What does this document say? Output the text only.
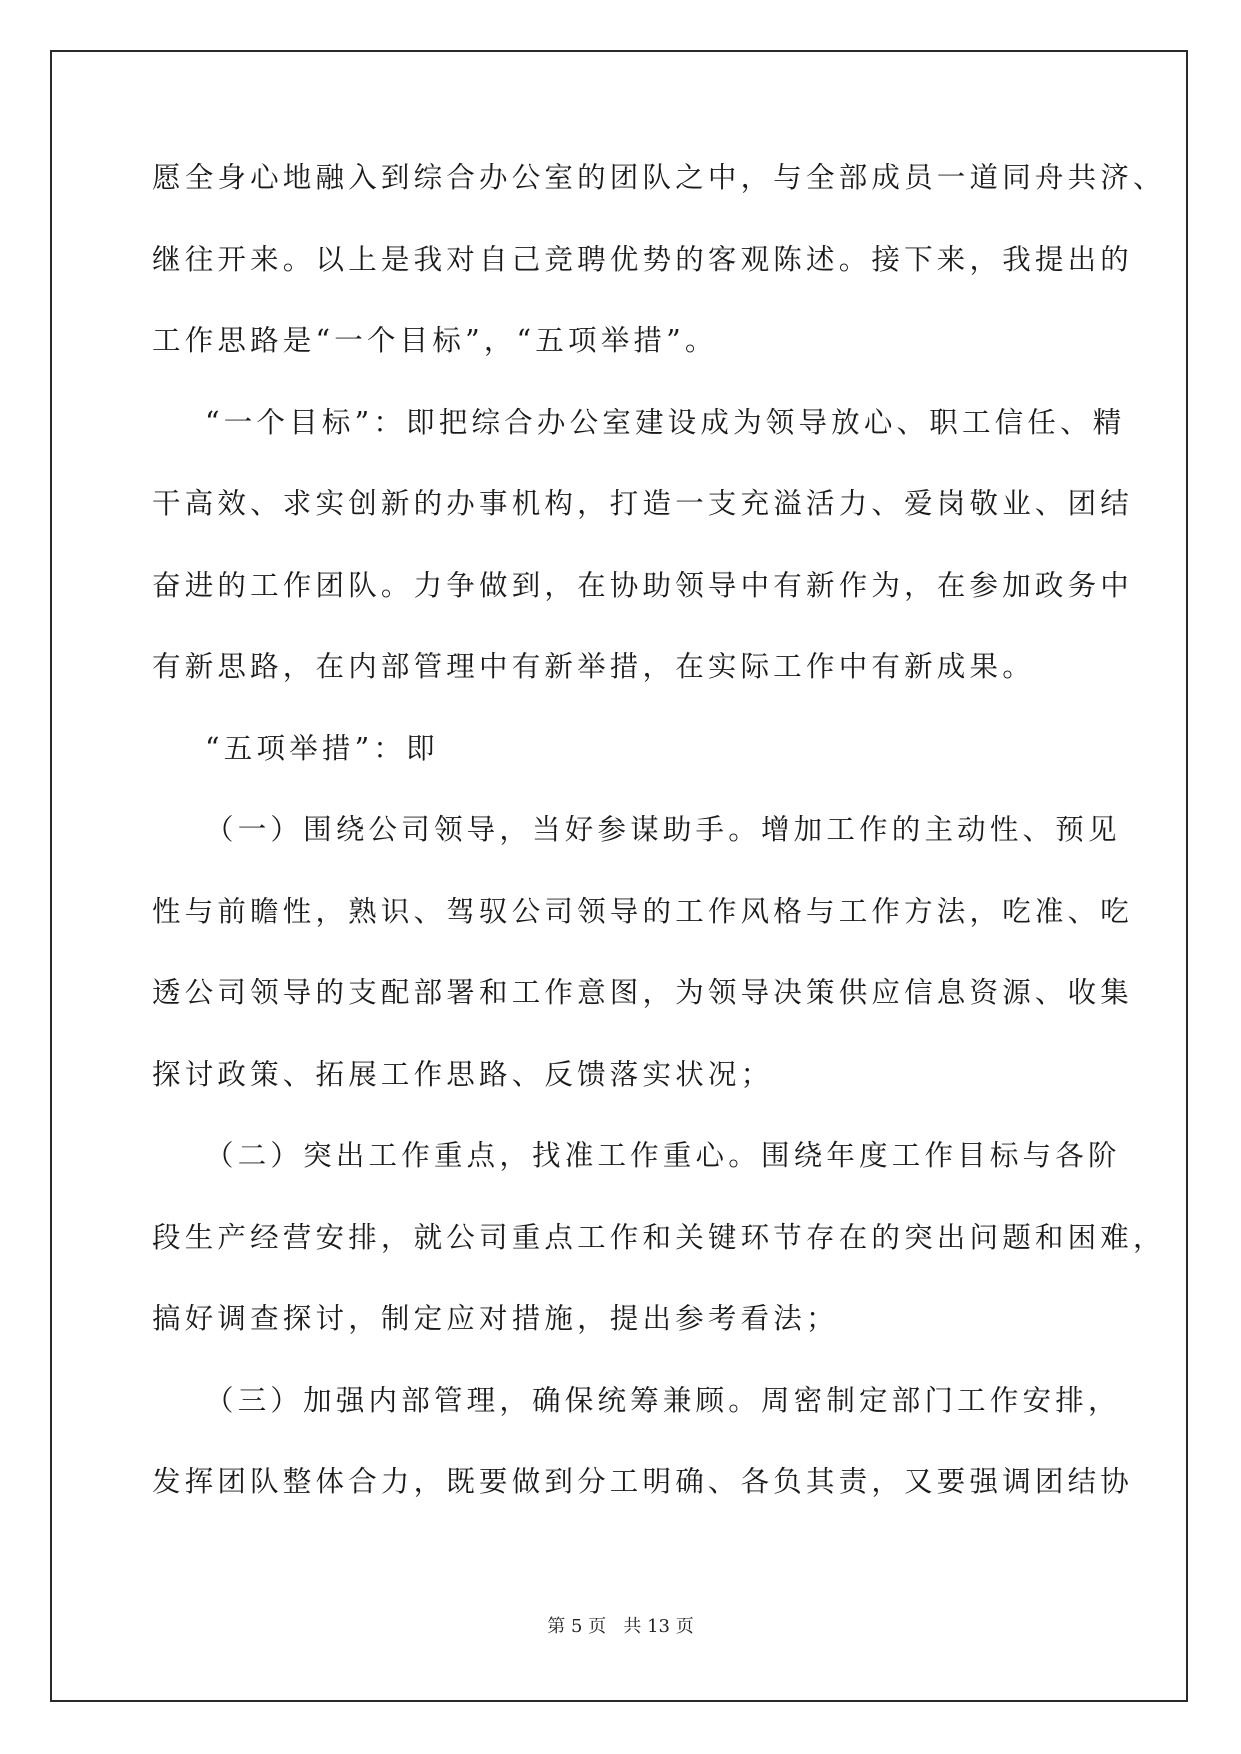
愿全身心地融入到综合办公室的团队之中，与全部成员一道同舟共济、
继往开来。以上是我对自己竞聘优势的客观陈述。接下来，我提出的
工作思路是“一个目标”，“五项举措”。
“一个目标”：即把综合办公室建设成为领导放心、职工信任、精
干高效、求实创新的办事机构，打造一支充溢活力、爱岗敬业、团结
奋进的工作团队。力争做到，在协助领导中有新作为，在参加政务中
有新思路，在内部管理中有新举措，在实际工作中有新成果。
“五项举措”：即
（一）围绕公司领导，当好参谋助手。增加工作的主动性、预见
性与前瞻性，熟识、驾驭公司领导的工作风格与工作方法，吃准、吃
透公司领导的支配部署和工作意图，为领导决策供应信息资源、收集
探讨政策、拓展工作思路、反馈落实状况；
（二）突出工作重点，找准工作重心。围绕年度工作目标与各阶
段生产经营安排，就公司重点工作和关键环节存在的突出问题和困难，
搞好调查探讨，制定应对措施，提出参考看法；
（三）加强内部管理，确保统筹兼顾。周密制定部门工作安排，
发挥团队整体合力，既要做到分工明确、各负其责，又要强调团结协
第 5 页   共 13 页
